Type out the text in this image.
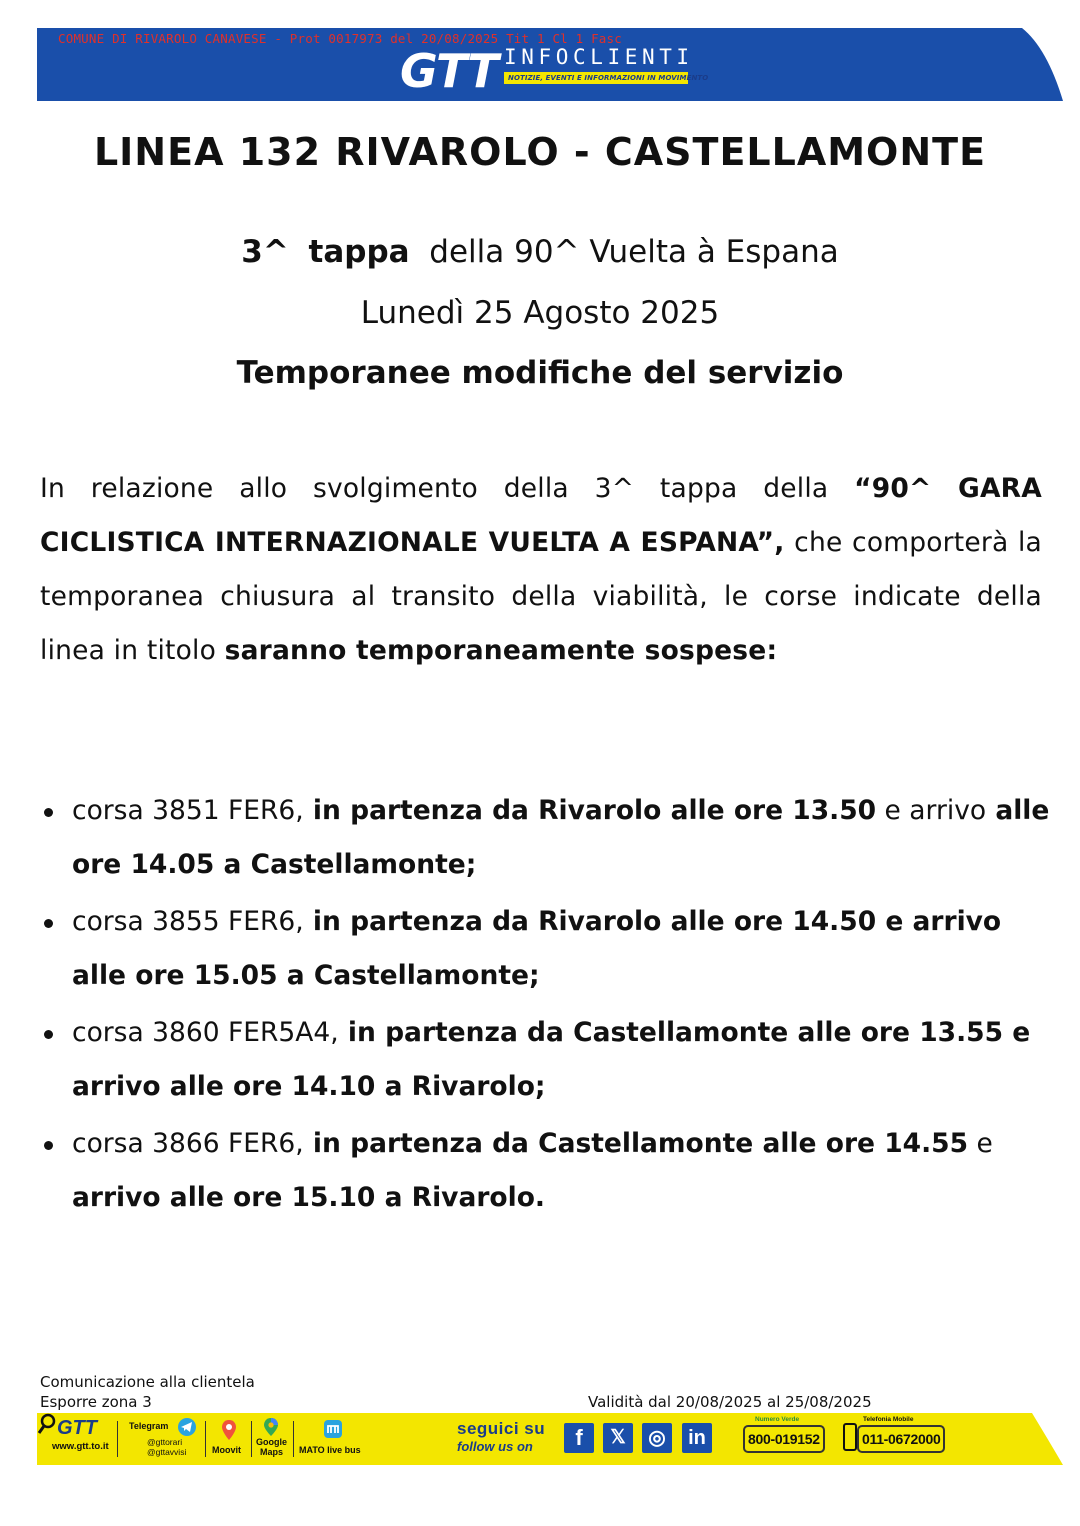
COMUNE DI RIVAROLO CANAVESE - Prot 0017973 del 20/08/2025 Tit 1 Cl 1 Fasc
GTT INFOCLIENTI
NOTIZIE, EVENTI E INFORMAZIONI IN MOVIMENTO
LINEA 132 RIVAROLO - CASTELLAMONTE

3^ tappa della 90^ Vuelta à Espana

Lunedì 25 Agosto 2025

Temporanee modifiche del servizio

In relazione allo svolgimento della 3^ tappa della “90^ GARA CICLISTICA INTERNAZIONALE VUELTA A ESPANA”, che comporterà la temporanea chiusura al transito della viabilità, le corse indicate della linea in titolo saranno temporaneamente sospese:

corsa 3851 FER6, in partenza da Rivarolo alle ore 13.50 e arrivo alle ore 14.05 a Castellamonte;
corsa 3855 FER6, in partenza da Rivarolo alle ore 14.50 e arrivo alle ore 15.05 a Castellamonte;
corsa 3860 FER5A4, in partenza da Castellamonte alle ore 13.55 e arrivo alle ore 14.10 a Rivarolo;
corsa 3866 FER6, in partenza da Castellamonte alle ore 14.55 e arrivo alle ore 15.10 a Rivarolo.
Comunicazione alla clientela
Esporre zona 3	Validità dal 20/08/2025 al 25/08/2025
GTT
www.gtt.to.it
Telegram
@gttorari
@gttavvisi	Moovit
Google
Maps	MATO live bus
seguici su
follow us on	f	𝕏	◎	in
Numero Verde
800-019152
Telefonia Mobile
011-0672000
